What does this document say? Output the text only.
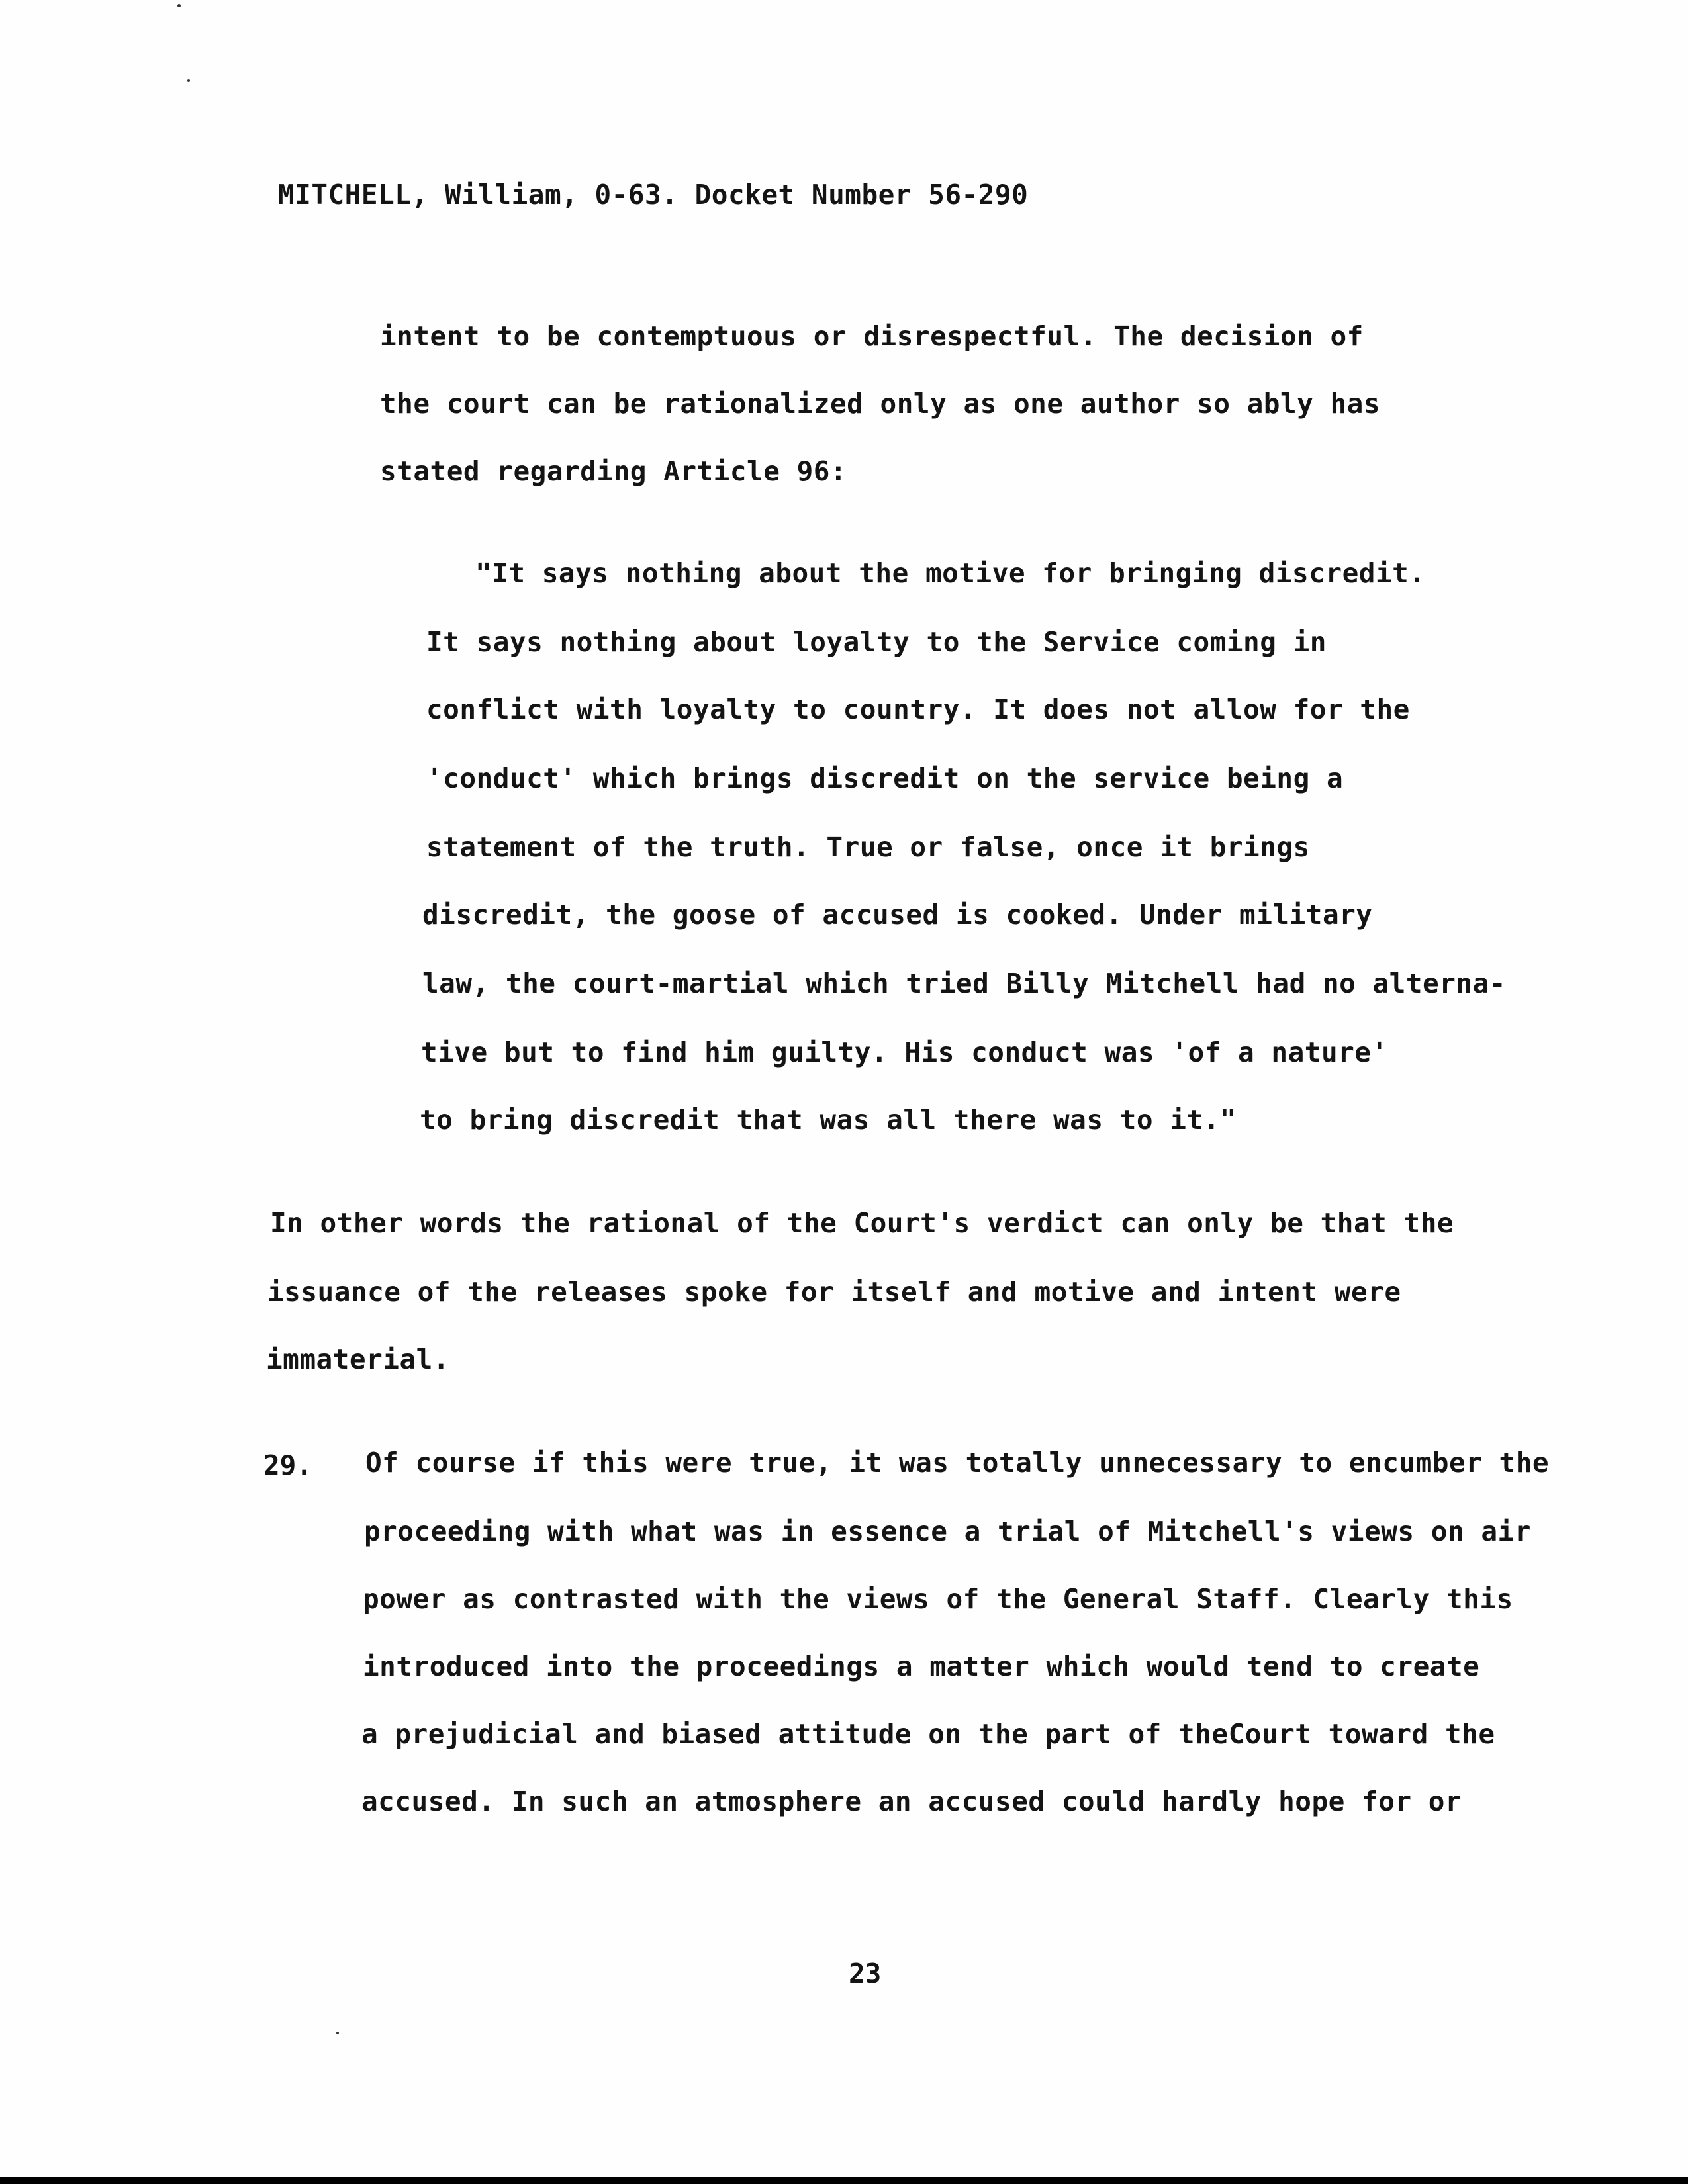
MITCHELL, William, 0-63. Docket Number 56-290
intent to be contemptuous or disrespectful. The decision of
the court can be rationalized only as one author so ably has
stated regarding Article 96:
"It says nothing about the motive for bringing discredit.
It says nothing about loyalty to the Service coming in
conflict with loyalty to country. It does not allow for the
'conduct' which brings discredit on the service being a
statement of the truth. True or false, once it brings
discredit, the goose of accused is cooked. Under military
law, the court-martial which tried Billy Mitchell had no alterna-
tive but to find him guilty. His conduct was 'of a nature'
to bring discredit that was all there was to it."
In other words the rational of the Court's verdict can only be that the
issuance of the releases spoke for itself and motive and intent were
immaterial.
29. Of course if this were true, it was totally unnecessary to encumber the
proceeding with what was in essence a trial of Mitchell's views on air
power as contrasted with the views of the General Staff. Clearly this
introduced into the proceedings a matter which would tend to create
a prejudicial and biased attitude on the part of theCourt toward the
accused. In such an atmosphere an accused could hardly hope for or
23
